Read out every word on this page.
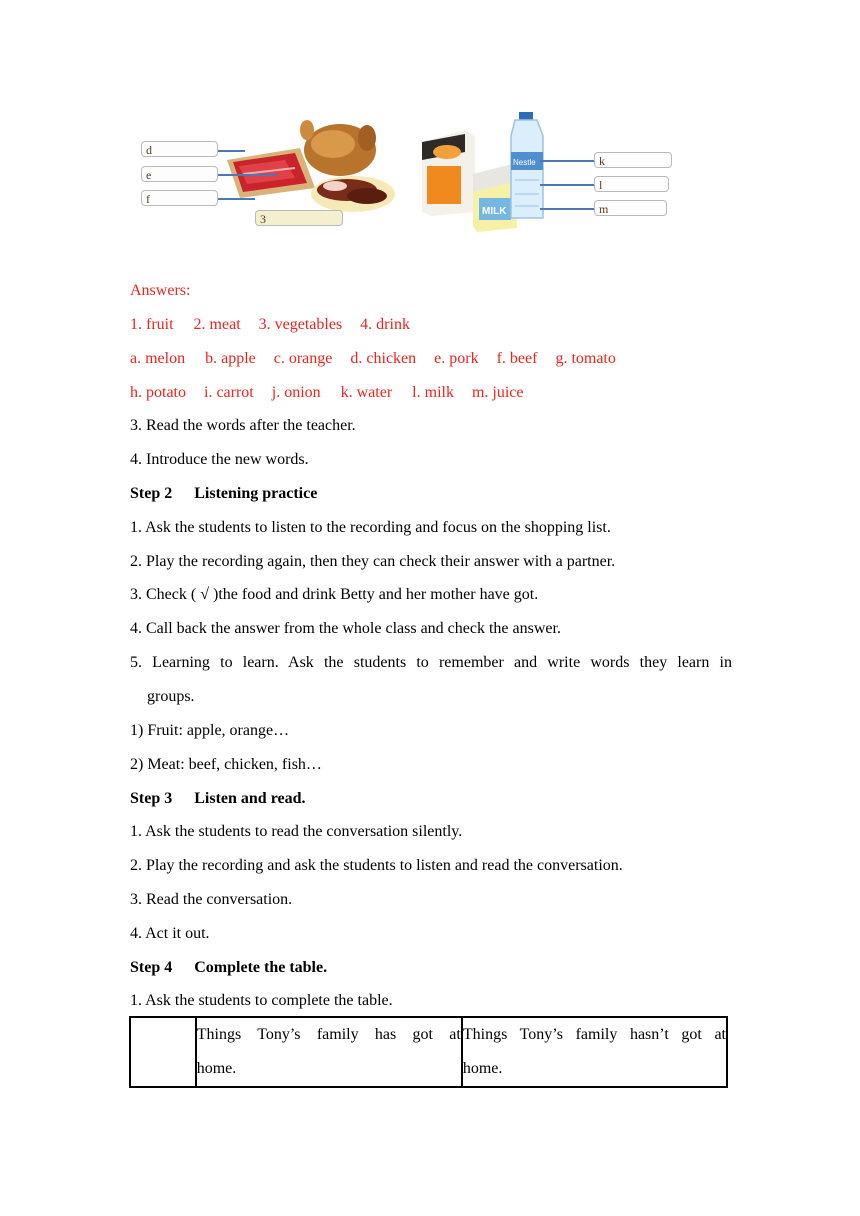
MILK
Nestle
d
e
f
3
k
l
m
Answers:
1. fruit 2. meat 3. vegetables 4. drink
a. melon b. apple c. orange d. chicken e. pork f. beef g. tomato
h. potato i. carrot j. onion k. water l. milk m. juice
3. Read the words after the teacher.
4. Introduce the new words.
Step 2 Listening practice
1. Ask the students to listen to the recording and focus on the shopping list.
2. Play the recording again, then they can check their answer with a partner.
3. Check ( √ )the food and drink Betty and her mother have got.
4. Call back the answer from the whole class and check the answer.
5. Learning to learn. Ask the students to remember and write words they learn in
groups.
1) Fruit: apple, orange…
2) Meat: beef, chicken, fish…
Step 3 Listen and read.
1. Ask the students to read the conversation silently.
2. Play the recording and ask the students to listen and read the conversation.
3. Read the conversation.
4. Act it out.
Step 4 Complete the table.
1. Ask the students to complete the table.

Things Tony’s family has got at
home.

Things Tony’s family hasn’t got at
home.
